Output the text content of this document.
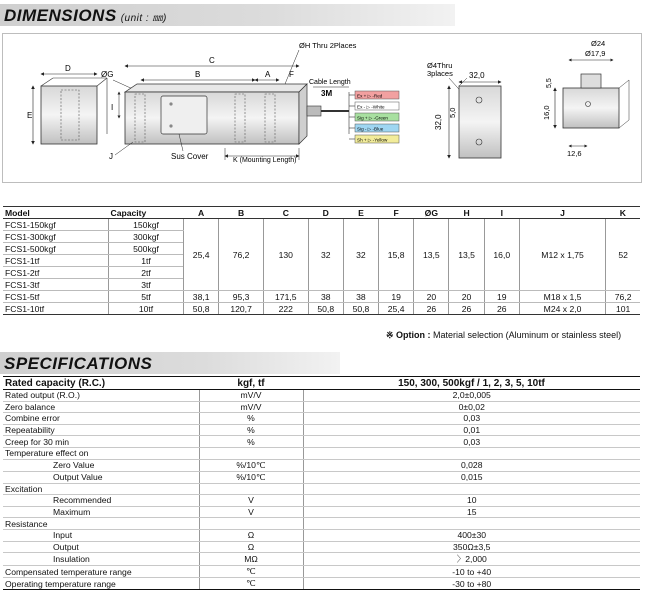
DIMENSIONS (unit : ㎜)
D
E
C
B	A F
ØG
I
J	Sus Cover	K (Mounting Length)
ØH Thru 2Places
Cable Length
3M	Ex + ▷ -Red
Ex - ▷ -White
Sig + ▷ -Green
Sig - ▷ -Blue
Sh + ▷ -Yellow
Ø4Thru
3places 32,0
32,0
5,0
Ø24
Ø17,9
16,0
5,5
12,6
Model	Capacity	A	B	C	D	E	F	ØG	H	I	J	K
FCS1-150kgf	150kgf	25,4	76,2	130	32	32	15,8	13,5	13,5	16,0	M12 x 1,75	52
FCS1-300kgf	300kgf											
FCS1-500kgf	500kgf											
FCS1-1tf	1tf											
FCS1-2tf	2tf											
FCS1-3tf	3tf											
FCS1-5tf	5tf	38,1	95,3	171,5	38	38	19	20	20	19	M18 x 1,5	76,2
FCS1-10tf	10tf	50,8	120,7	222	50,8	50,8	25,4	26	26	26	M24 x 2,0	101
※ Option : Material selection (Aluminum or stainless steel)
SPECIFICATIONS
Rated capacity (R.C.)	kgf, tf	150, 300, 500kgf / 1, 2, 3, 5, 10tf
Rated output (R.O.)	mV/V	2,0±0,005
Zero balance	mV/V	0±0,02
Combine error	%	0,03
Repeatability	%	0,01
Creep for 30 min	%	0,03
Temperature effect on		
Zero Value	%/10℃	0,028
Output Value	%/10℃	0,015
Excitation		
Recommended	V	10
Maximum	V	15
Resistance		
Input	Ω	400±30
Output	Ω	350Ω±3,5
Insulation	MΩ	〉2,000
Compensated temperature range	℃	-10 to +40
Operating temperature range	℃	-30 to +80
